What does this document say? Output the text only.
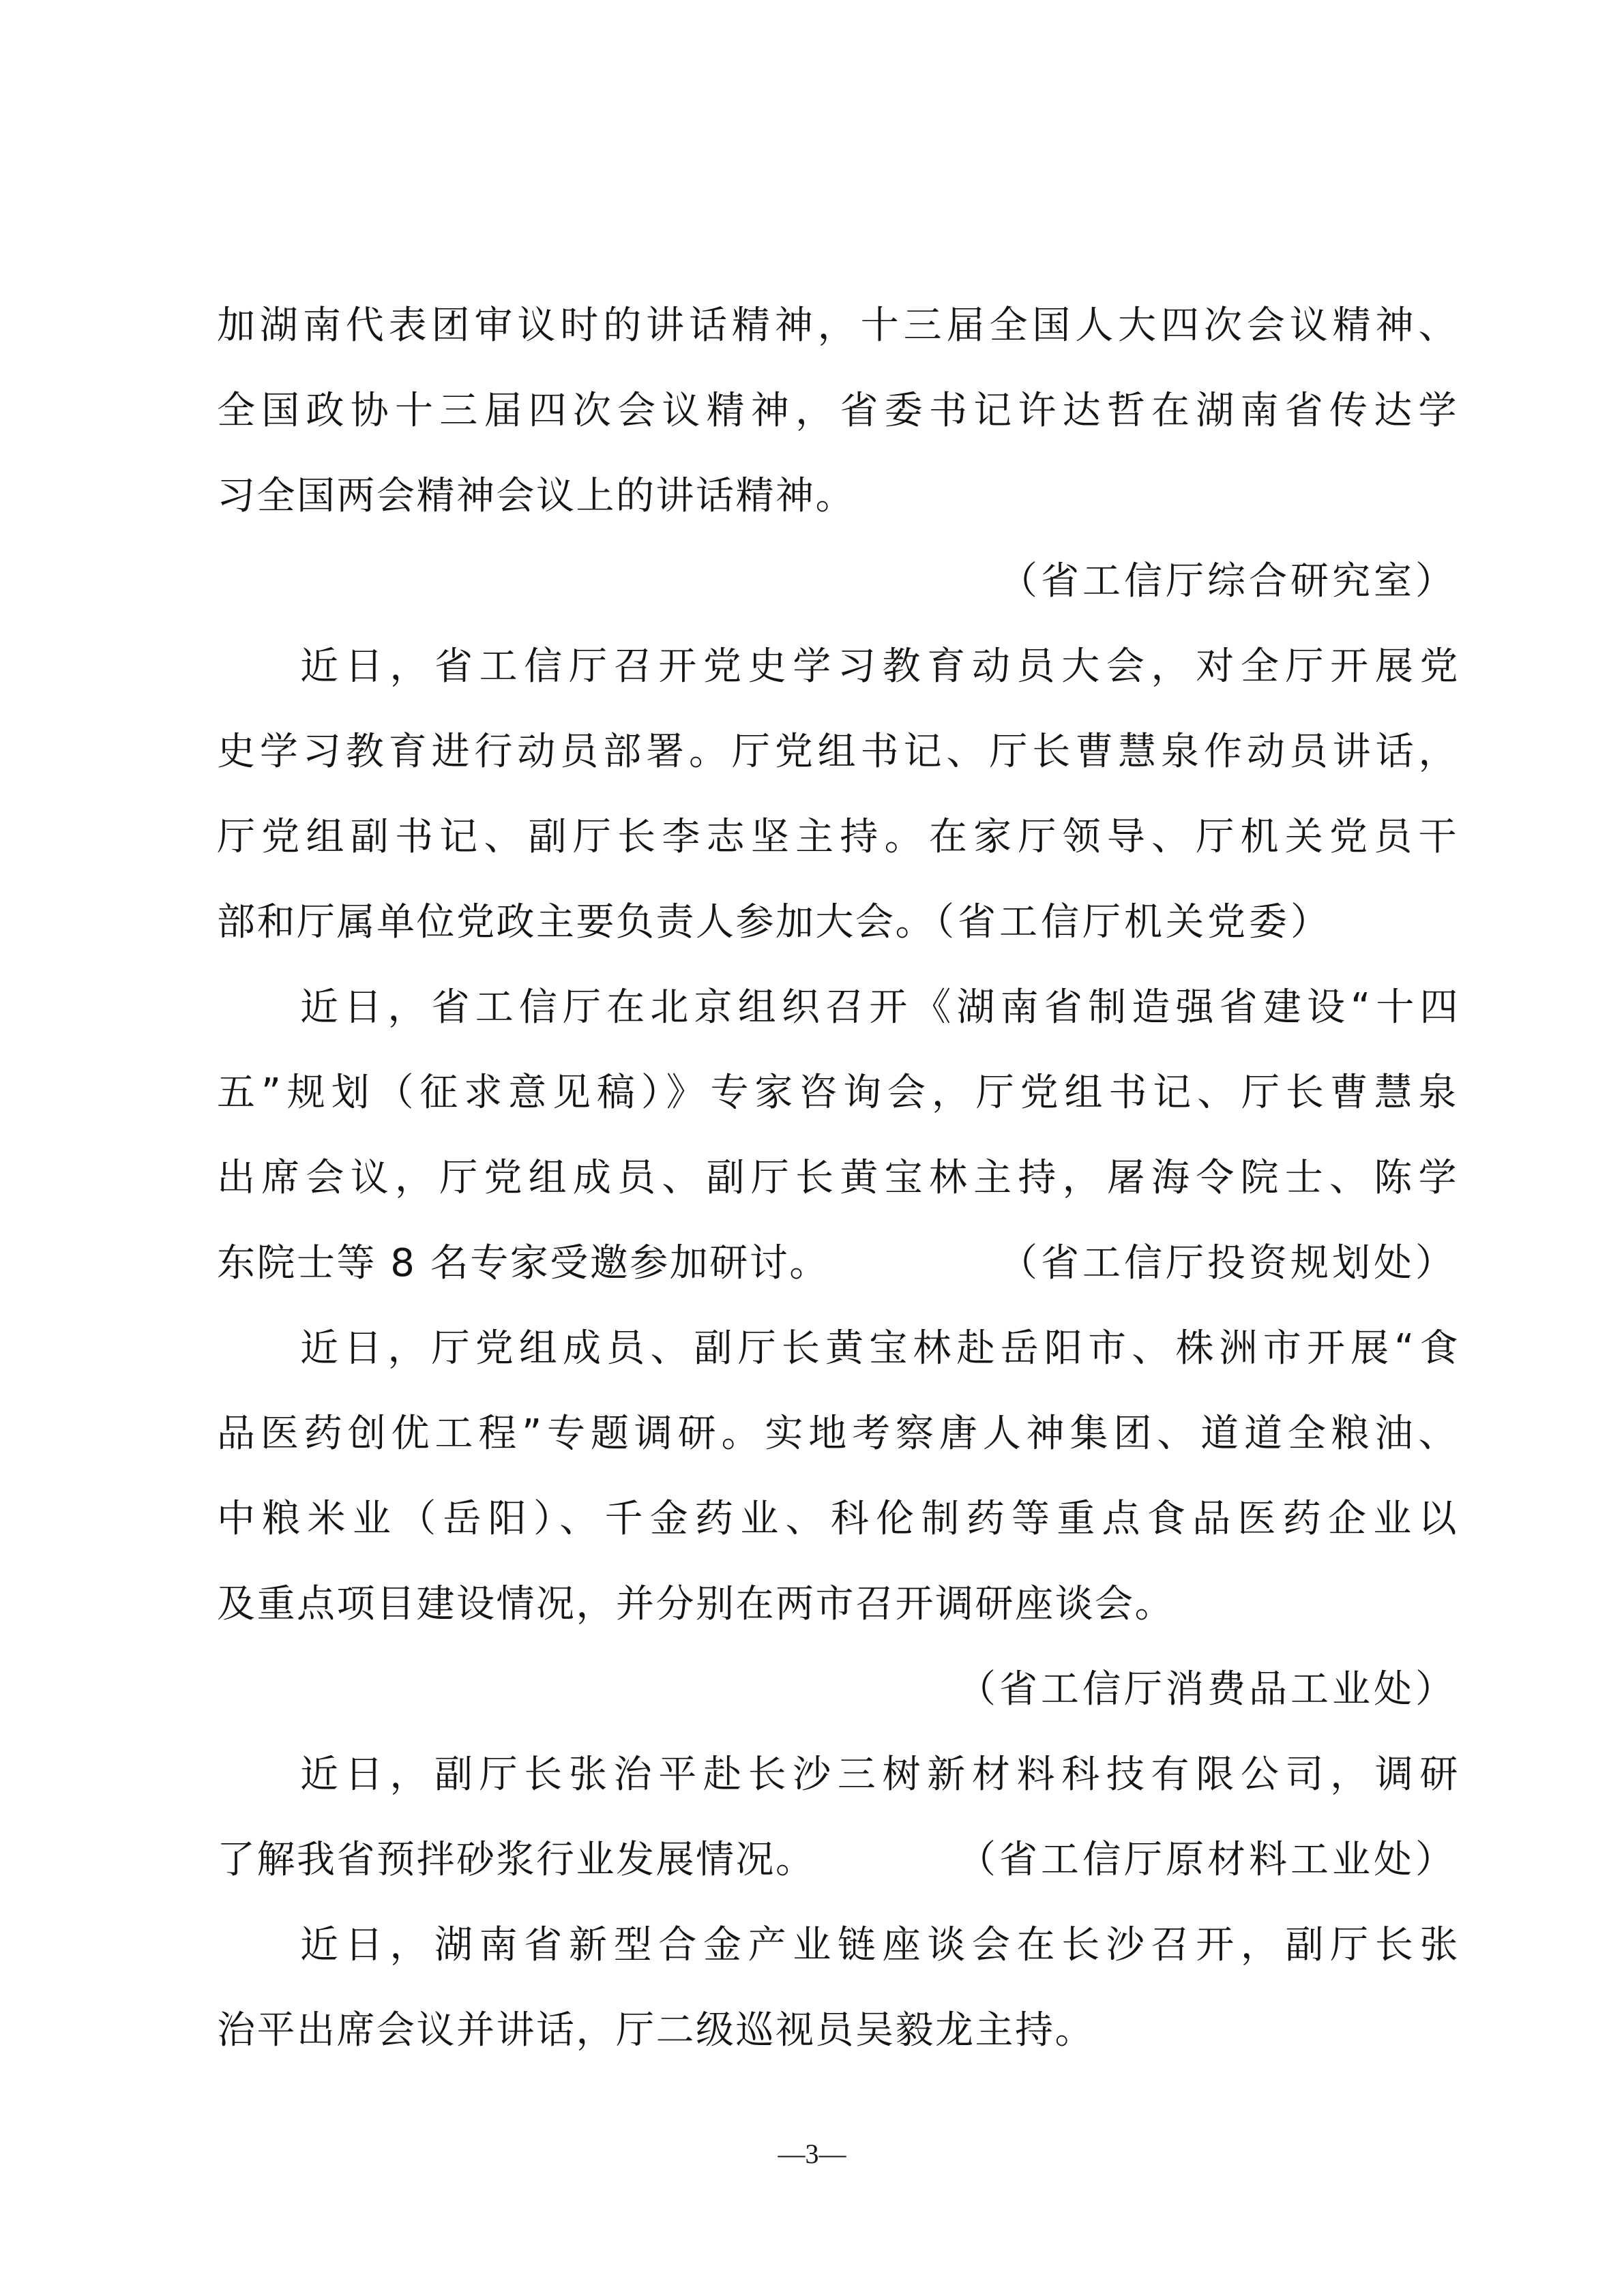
加湖南代表团审议时的讲话精神，十三届全国人大四次会议精神、
全国政协十三届四次会议精神，省委书记许达哲在湖南省传达学
习全国两会精神会议上的讲话精神。
（省工信厅综合研究室）
近日，省工信厅召开党史学习教育动员大会，对全厅开展党
史学习教育进行动员部署。厅党组书记、厅长曹慧泉作动员讲话，
厅党组副书记、副厅长李志坚主持。在家厅领导、厅机关党员干
部和厅属单位党政主要负责人参加大会。（省工信厅机关党委）
近日，省工信厅在北京组织召开《湖南省制造强省建设“十四
五”规划（征求意见稿）》专家咨询会，厅党组书记、厅长曹慧泉
出席会议，厅党组成员、副厅长黄宝林主持，屠海令院士、陈学
东院士等 8 名专家受邀参加研讨。	（省工信厅投资规划处）
近日，厅党组成员、副厅长黄宝林赴岳阳市、株洲市开展“食
品医药创优工程”专题调研。实地考察唐人神集团、道道全粮油、
中粮米业（岳阳）、千金药业、科伦制药等重点食品医药企业以
及重点项目建设情况，并分别在两市召开调研座谈会。
（省工信厅消费品工业处）
近日，副厅长张治平赴长沙三树新材料科技有限公司，调研
了解我省预拌砂浆行业发展情况。	（省工信厅原材料工业处）
近日，湖南省新型合金产业链座谈会在长沙召开，副厅长张
治平出席会议并讲话，厅二级巡视员吴毅龙主持。
—3—
